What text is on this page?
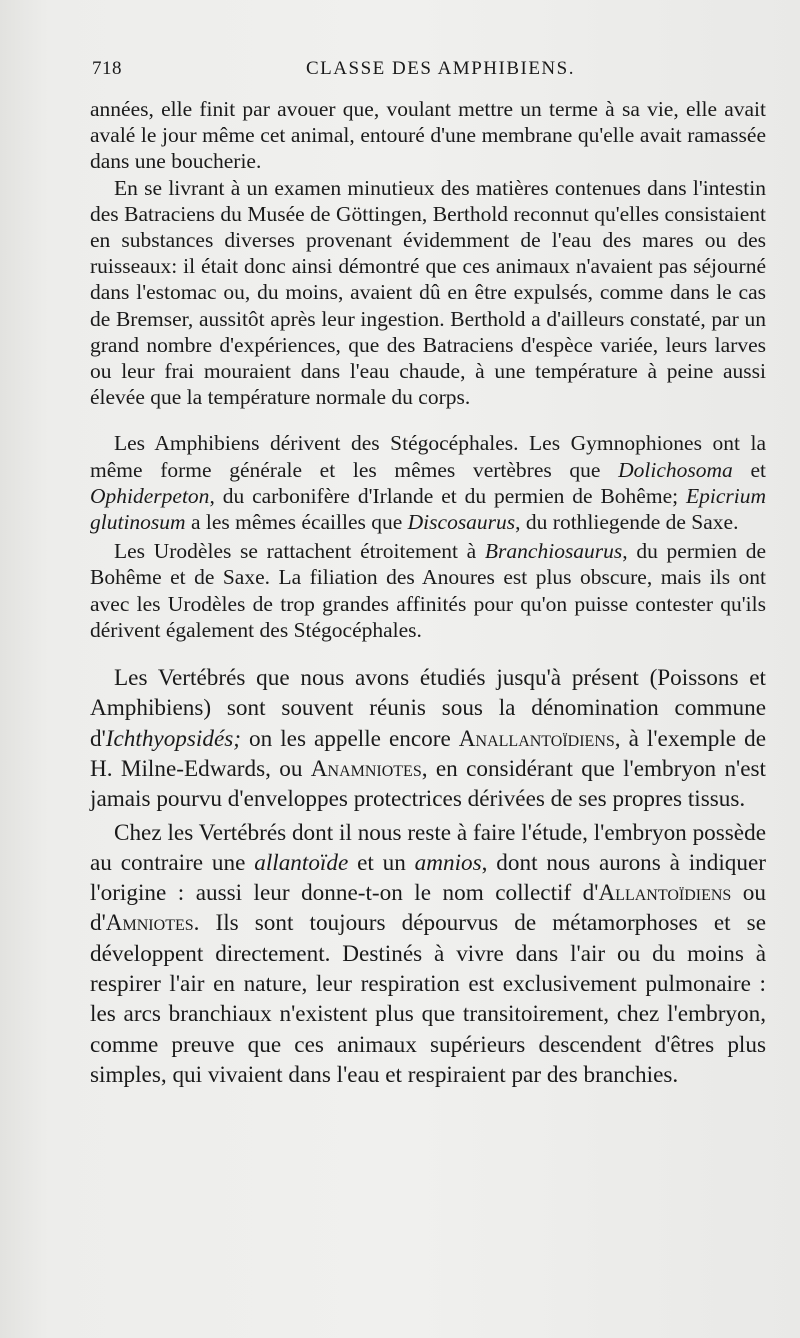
718	CLASSE DES AMPHIBIENS.

années, elle finit par avouer que, voulant mettre un terme à sa vie, elle avait avalé le jour même cet animal, entouré d'une membrane qu'elle avait ramassée dans une boucherie.

En se livrant à un examen minutieux des matières contenues dans l'intestin des Batraciens du Musée de Göttingen, Berthold reconnut qu'elles consistaient en substances diverses provenant évidemment de l'eau des mares ou des ruisseaux: il était donc ainsi démontré que ces animaux n'avaient pas séjourné dans l'estomac ou, du moins, avaient dû en être expulsés, comme dans le cas de Bremser, aussitôt après leur ingestion. Berthold a d'ailleurs constaté, par un grand nombre d'expériences, que des Batraciens d'espèce variée, leurs larves ou leur frai mouraient dans l'eau chaude, à une température à peine aussi élevée que la température normale du corps.

Les Amphibiens dérivent des Stégocéphales. Les Gymnophiones ont la même forme générale et les mêmes vertèbres que Dolichosoma et Ophiderpeton, du carbonifère d'Irlande et du permien de Bohême; Epicrium glutinosum a les mêmes écailles que Discosaurus, du rothliegende de Saxe.

Les Urodèles se rattachent étroitement à Branchiosaurus, du permien de Bohême et de Saxe. La filiation des Anoures est plus obscure, mais ils ont avec les Urodèles de trop grandes affinités pour qu'on puisse contester qu'ils dérivent également des Stégocéphales.

Les Vertébrés que nous avons étudiés jusqu'à présent (Poissons et Amphibiens) sont souvent réunis sous la dénomination commune d'Ichthyopsidés; on les appelle encore Anallantoïdiens, à l'exemple de H. Milne-Edwards, ou Anamniotes, en considérant que l'embryon n'est jamais pourvu d'enveloppes protectrices dérivées de ses propres tissus.

Chez les Vertébrés dont il nous reste à faire l'étude, l'embryon possède au contraire une allantoïde et un amnios, dont nous aurons à indiquer l'origine : aussi leur donne-t-on le nom collectif d'Allantoïdiens ou d'Amniotes. Ils sont toujours dépourvus de métamorphoses et se développent directement. Destinés à vivre dans l'air ou du moins à respirer l'air en nature, leur respiration est exclusivement pulmonaire : les arcs branchiaux n'existent plus que transitoirement, chez l'embryon, comme preuve que ces animaux supérieurs descendent d'êtres plus simples, qui vivaient dans l'eau et respiraient par des branchies.
